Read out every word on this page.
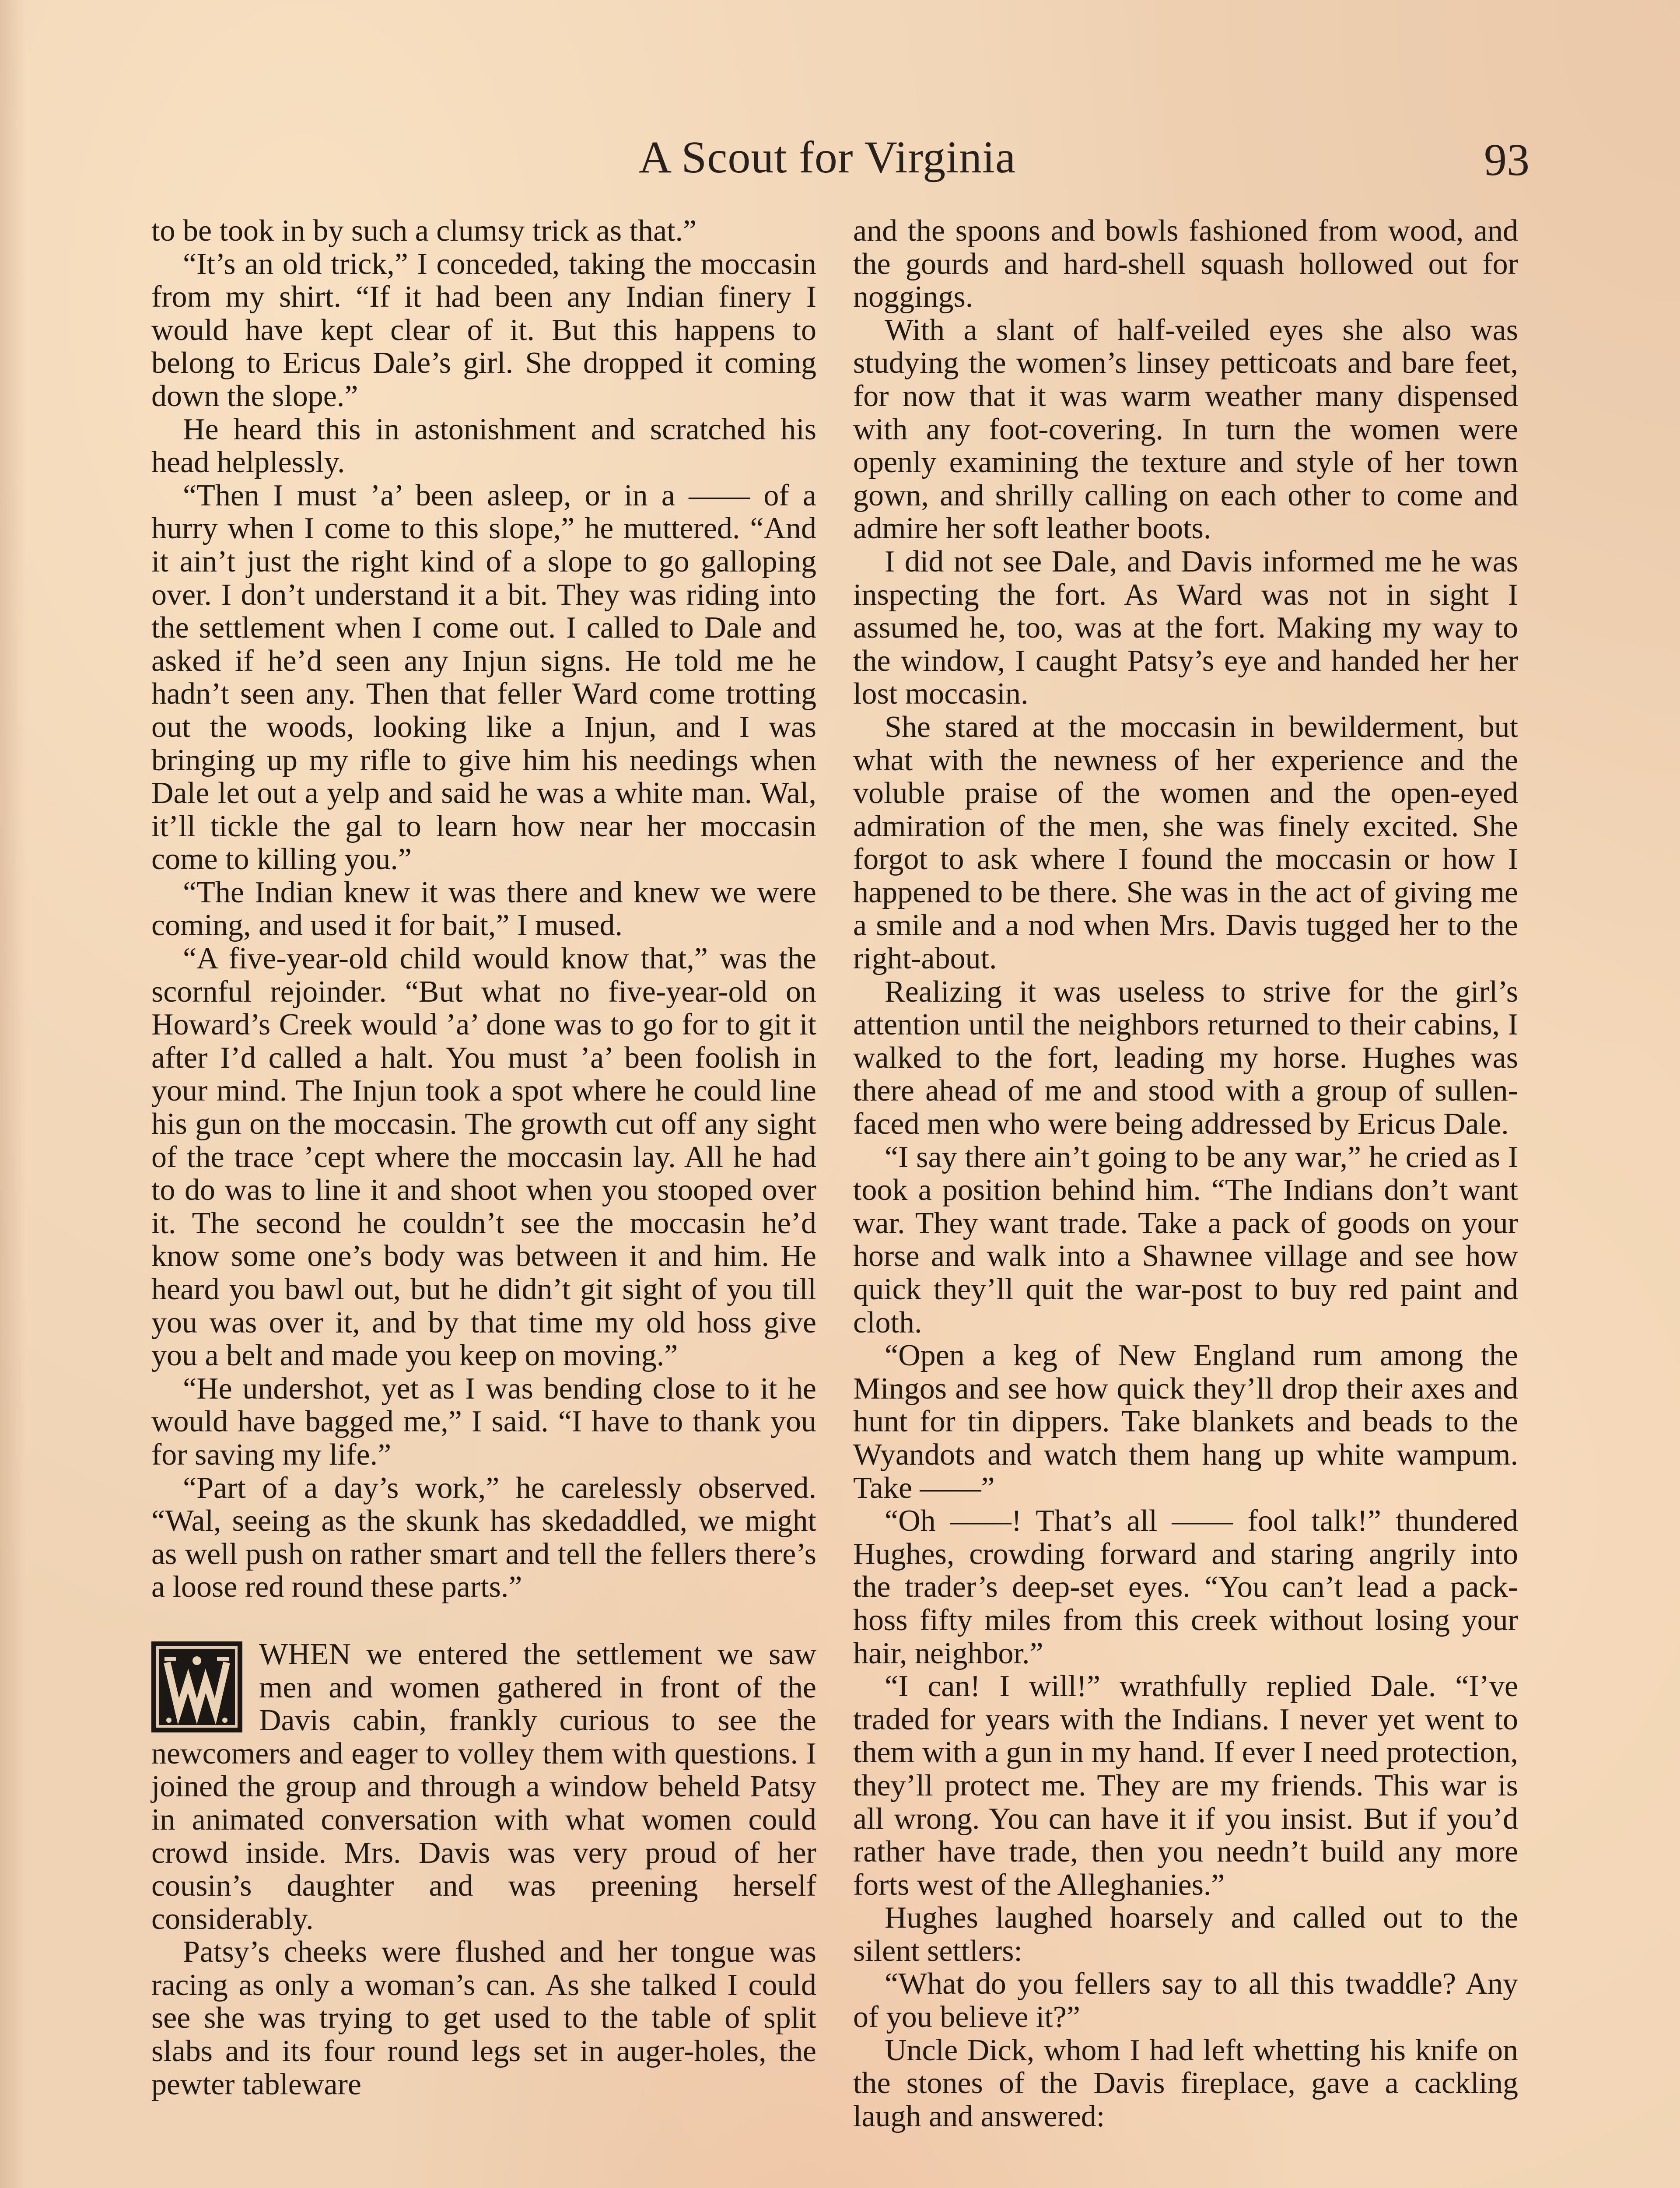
A Scout for Virginia	93

to be took in by such a clumsy trick as that.”

“It’s an old trick,” I conceded, taking the moccasin from my shirt. “If it had been any Indian finery I would have kept clear of it. But this happens to belong to Ericus Dale’s girl. She dropped it coming down the slope.”

He heard this in astonishment and scratched his head helplessly.

“Then I must ’a’ been asleep, or in a —— of a hurry when I come to this slope,” he muttered. “And it ain’t just the right kind of a slope to go galloping over. I don’t understand it a bit. They was riding into the settlement when I come out. I called to Dale and asked if he’d seen any Injun signs. He told me he hadn’t seen any. Then that feller Ward come trotting out the woods, looking like a Injun, and I was bringing up my rifle to give him his needings when Dale let out a yelp and said he was a white man. Wal, it’ll tickle the gal to learn how near her moccasin come to killing you.”

“The Indian knew it was there and knew we were coming, and used it for bait,” I mused.

“A five-year-old child would know that,” was the scornful rejoinder. “But what no five-year-old on Howard’s Creek would ’a’ done was to go for to git it after I’d called a halt. You must ’a’ been foolish in your mind. The Injun took a spot where he could line his gun on the moccasin. The growth cut off any sight of the trace ’cept where the moccasin lay. All he had to do was to line it and shoot when you stooped over it. The second he couldn’t see the moccasin he’d know some one’s body was between it and him. He heard you bawl out, but he didn’t git sight of you till you was over it, and by that time my old hoss give you a belt and made you keep on moving.”

“He undershot, yet as I was bending close to it he would have bagged me,” I said. “I have to thank you for saving my life.”

“Part of a day’s work,” he carelessly observed. “Wal, seeing as the skunk has skedaddled, we might as well push on rather smart and tell the fellers there’s a loose red round these parts.”

WHEN we entered the settlement we saw men and women gathered in front of the Davis cabin, frankly curious to see the newcomers and eager to volley them with questions. I joined the group and through a window beheld Patsy in animated conversation with what women could crowd inside. Mrs. Davis was very proud of her cousin’s daughter and was preening herself considerably.

Patsy’s cheeks were flushed and her tongue was racing as only a woman’s can. As she talked I could see she was trying to get used to the table of split slabs and its four round legs set in auger-holes, the pewter tableware

and the spoons and bowls fashioned from wood, and the gourds and hard-shell squash hollowed out for noggings.

With a slant of half-veiled eyes she also was studying the women’s linsey petticoats and bare feet, for now that it was warm weather many dispensed with any foot-covering. In turn the women were openly examining the texture and style of her town gown, and shrilly calling on each other to come and admire her soft leather boots.

I did not see Dale, and Davis informed me he was inspecting the fort. As Ward was not in sight I assumed he, too, was at the fort. Making my way to the window, I caught Patsy’s eye and handed her her lost moccasin.

She stared at the moccasin in bewilderment, but what with the newness of her experience and the voluble praise of the women and the open-eyed admiration of the men, she was finely excited. She forgot to ask where I found the moccasin or how I happened to be there. She was in the act of giving me a smile and a nod when Mrs. Davis tugged her to the right-about.

Realizing it was useless to strive for the girl’s attention until the neighbors returned to their cabins, I walked to the fort, leading my horse. Hughes was there ahead of me and stood with a group of sullen-faced men who were being addressed by Ericus Dale.

“I say there ain’t going to be any war,” he cried as I took a position behind him. “The Indians don’t want war. They want trade. Take a pack of goods on your horse and walk into a Shawnee village and see how quick they’ll quit the war-post to buy red paint and cloth.

“Open a keg of New England rum among the Mingos and see how quick they’ll drop their axes and hunt for tin dippers. Take blankets and beads to the Wyandots and watch them hang up white wampum. Take ——”

“Oh ——! That’s all —— fool talk!” thundered Hughes, crowding forward and staring angrily into the trader’s deep-set eyes. “You can’t lead a pack-hoss fifty miles from this creek without losing your hair, neighbor.”

“I can! I will!” wrathfully replied Dale. “I’ve traded for years with the Indians. I never yet went to them with a gun in my hand. If ever I need protection, they’ll protect me. They are my friends. This war is all wrong. You can have it if you insist. But if you’d rather have trade, then you needn’t build any more forts west of the Alleghanies.”

Hughes laughed hoarsely and called out to the silent settlers:

“What do you fellers say to all this twaddle? Any of you believe it?”

Uncle Dick, whom I had left whetting his knife on the stones of the Davis fireplace, gave a cackling laugh and answered:
